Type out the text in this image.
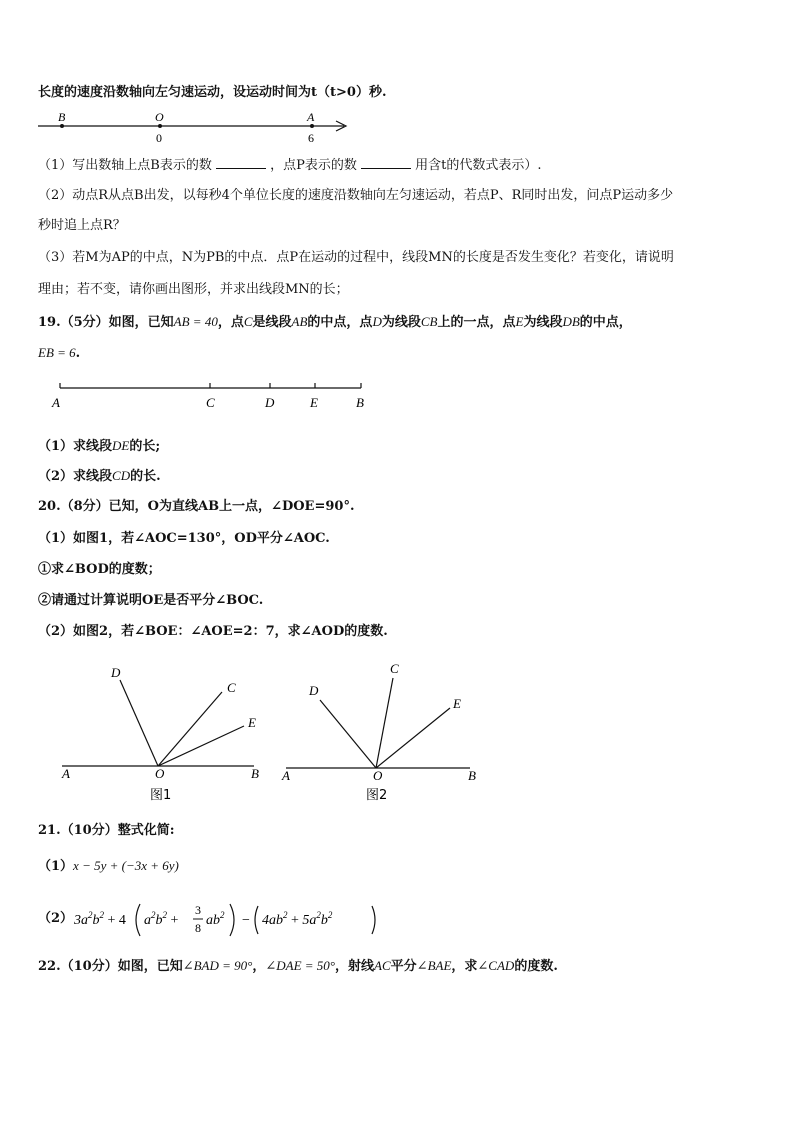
长度的速度沿数轴向左匀速运动，设运动时间为t（t>0）秒.
B	O	A
0	6
（1）写出数轴上点B表示的数	，点P表示的数	用含t的代数式表示）.
（2）动点R从点B出发，以每秒4个单位长度的速度沿数轴向左匀速运动，若点P、R同时出发，问点P运动多少
秒时追上点R？
（3）若M为AP的中点，N为PB的中点．点P在运动的过程中，线段MN的长度是否发生变化？若变化，请说明
理由；若不变，请你画出图形，并求出线段MN的长；
19.（5分）如图，已知AB = 40，点C是线段AB的中点，点D为线段CB上的一点，点E为线段DB的中点，
EB = 6.
A	C	D	E	B
（1）求线段DE的长;
（2）求线段CD的长.
20.（8分）已知，O为直线AB上一点，∠DOE=90°.
（1）如图1，若∠AOC=130°，OD平分∠AOC.
①求∠BOD的度数；
②请通过计算说明OE是否平分∠BOC.
（2）如图2，若∠BOE：∠AOE=2：7，求∠AOD的度数.
D
C
E
A	O	B
图1
D
C
E
A	O	B
图2
21.（10分）整式化简:
（1）x − 5y + (−3x + 6y)
（2） $3a^2b^2 + 4$ $a^2b^2$ +
3
8 $ab^2 - 4ab^2 + 5a^2b^2$
22.（10分）如图，已知∠BAD = 90°，∠DAE = 50°，射线AC平分∠BAE，求∠CAD的度数.
